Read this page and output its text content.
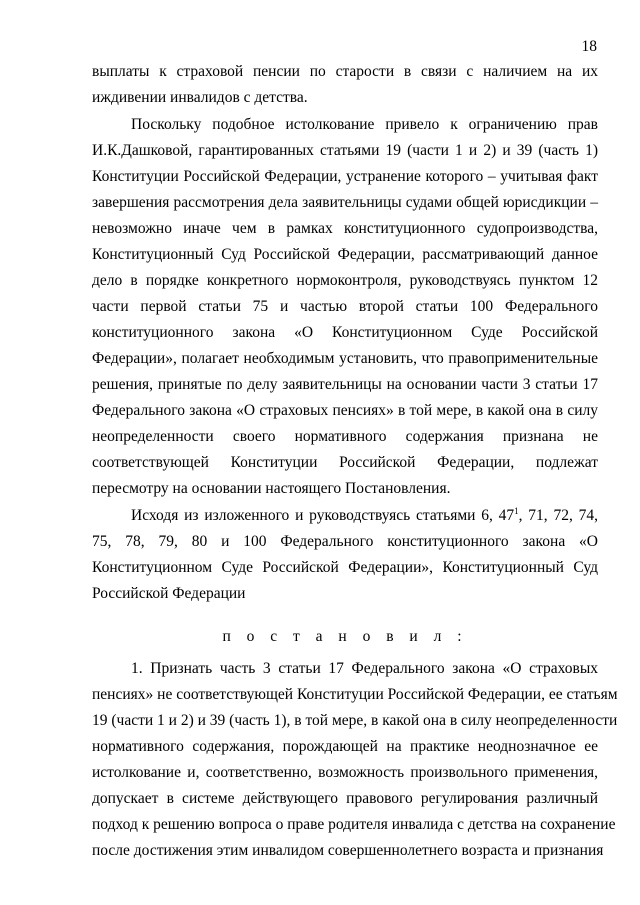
18
выплаты к страховой пенсии по старости в связи с наличием на их
иждивении инвалидов с детства.
Поскольку подобное истолкование привело к ограничению прав
И.К.Дашковой, гарантированных статьями 19 (части 1 и 2) и 39 (часть 1)
Конституции Российской Федерации, устранение которого – учитывая факт
завершения рассмотрения дела заявительницы судами общей юрисдикции –
невозможно иначе чем в рамках конституционного судопроизводства,
Конституционный Суд Российской Федерации, рассматривающий данное
дело в порядке конкретного нормоконтроля, руководствуясь пунктом 12
части первой статьи 75 и частью второй статьи 100 Федерального
конституционного закона «О Конституционном Суде Российской
Федерации», полагает необходимым установить, что правоприменительные
решения, принятые по делу заявительницы на основании части 3 статьи 17
Федерального закона «О страховых пенсиях» в той мере, в какой она в силу
неопределенности своего нормативного содержания признана не
соответствующей Конституции Российской Федерации, подлежат
пересмотру на основании настоящего Постановления.
Исходя из изложенного и руководствуясь статьями 6, $47^1$, 71, 72, 74,
75, 78, 79, 80 и 100 Федерального конституционного закона «О
Конституционном Суде Российской Федерации», Конституционный Суд
Российской Федерации
п о с т а н о в и л :
1. Признать часть 3 статьи 17 Федерального закона «О страховых
пенсиях» не соответствующей Конституции Российской Федерации, ее статьям
19 (части 1 и 2) и 39 (часть 1), в той мере, в какой она в силу неопределенности
нормативного содержания, порождающей на практике неоднозначное ее
истолкование и, соответственно, возможность произвольного применения,
допускает в системе действующего правового регулирования различный
подход к решению вопроса о праве родителя инвалида с детства на сохранение
после достижения этим инвалидом совершеннолетнего возраста и признания
